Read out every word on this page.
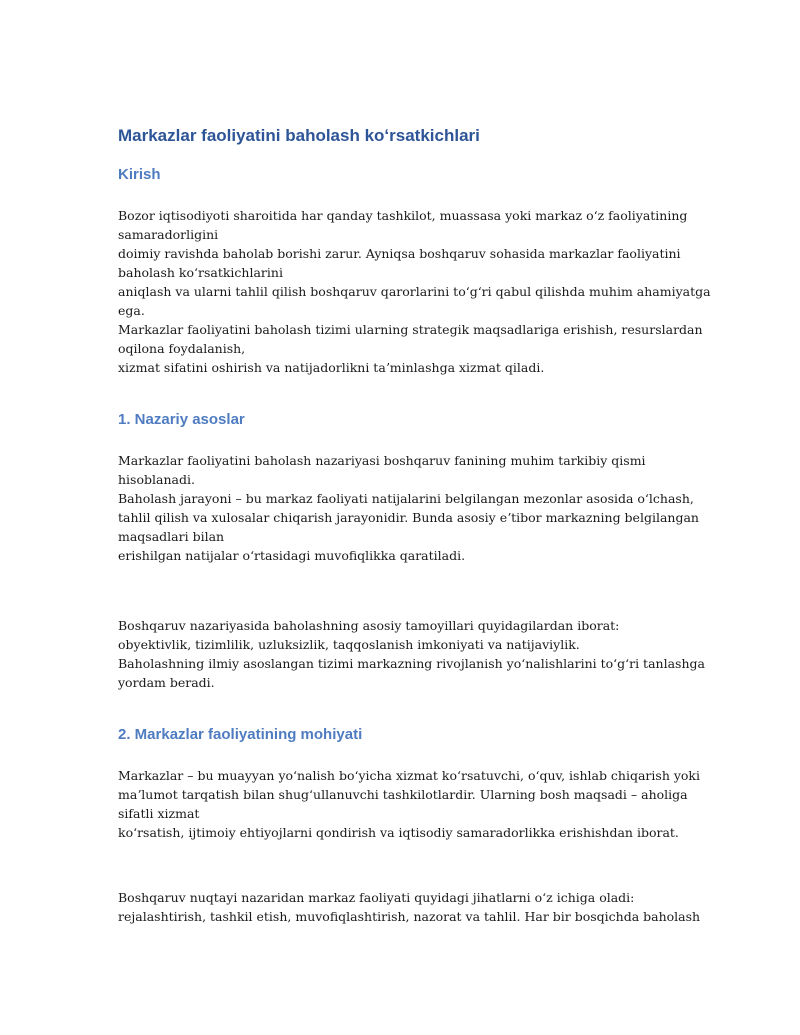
Markazlar faoliyatini baholash koʻrsatkichlari
Kirish
Bozor iqtisodiyoti sharoitida har qanday tashkilot, muassasa yoki markaz oʻz faoliyatining
samaradorligini
doimiy ravishda baholab borishi zarur. Ayniqsa boshqaruv sohasida markazlar faoliyatini
baholash koʻrsatkichlarini
aniqlash va ularni tahlil qilish boshqaruv qarorlarini toʻgʻri qabul qilishda muhim ahamiyatga
ega.
Markazlar faoliyatini baholash tizimi ularning strategik maqsadlariga erishish, resurslardan
oqilona foydalanish,
xizmat sifatini oshirish va natijadorlikni taʼminlashga xizmat qiladi.
1. Nazariy asoslar
Markazlar faoliyatini baholash nazariyasi boshqaruv fanining muhim tarkibiy qismi
hisoblanadi.
Baholash jarayoni – bu markaz faoliyati natijalarini belgilangan mezonlar asosida oʻlchash,
tahlil qilish va xulosalar chiqarish jarayonidir. Bunda asosiy eʼtibor markazning belgilangan
maqsadlari bilan
erishilgan natijalar oʻrtasidagi muvofiqlikka qaratiladi.
Boshqaruv nazariyasida baholashning asosiy tamoyillari quyidagilardan iborat:
obyektivlik, tizimlilik, uzluksizlik, taqqoslanish imkoniyati va natijaviylik.
Baholashning ilmiy asoslangan tizimi markazning rivojlanish yoʻnalishlarini toʻgʻri tanlashga
yordam beradi.
2. Markazlar faoliyatining mohiyati
Markazlar – bu muayyan yoʻnalish boʻyicha xizmat koʻrsatuvchi, oʻquv, ishlab chiqarish yoki
maʼlumot tarqatish bilan shugʻullanuvchi tashkilotlardir. Ularning bosh maqsadi – aholiga
sifatli xizmat
koʻrsatish, ijtimoiy ehtiyojlarni qondirish va iqtisodiy samaradorlikka erishishdan iborat.
Boshqaruv nuqtayi nazaridan markaz faoliyati quyidagi jihatlarni oʻz ichiga oladi:
rejalashtirish, tashkil etish, muvofiqlashtirish, nazorat va tahlil. Har bir bosqichda baholash
